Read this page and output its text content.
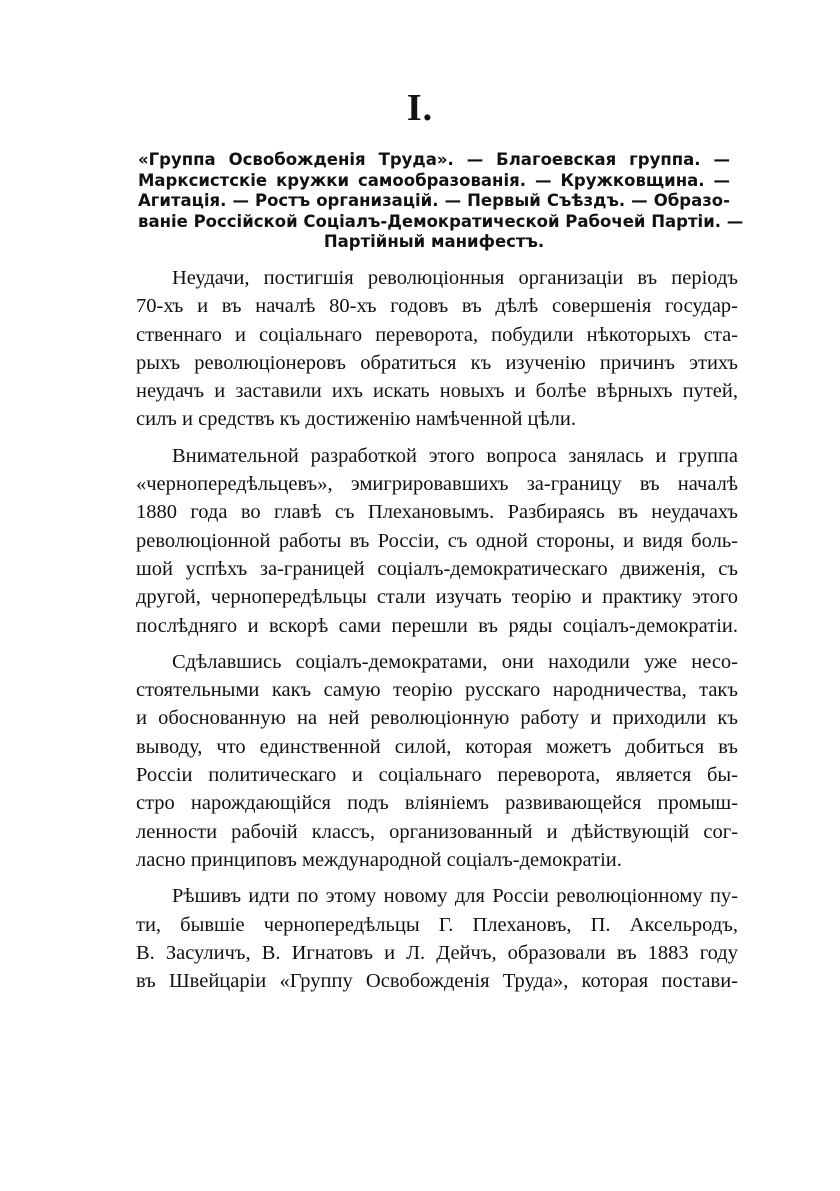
I.
«Группа Освобожденія Труда». — Благоевская группа. —
Марксистскіе кружки самообразованія. — Кружковщина. —
Агитація. — Ростъ организацій. — Первый Съѣздъ. — Образо-
ваніе Россійской Соціалъ-Демократической Рабочей Партіи. —
Партійный манифестъ.
Неудачи, постигшія революціонныя организаціи въ періодъ
70-хъ и въ началѣ 80-хъ годовъ въ дѣлѣ совершенія государ-
ственнаго и соціальнаго переворота, побудили нѣкоторыхъ ста-
рыхъ революціонеровъ обратиться къ изученію причинъ этихъ
неудачъ и заставили ихъ искать новыхъ и болѣе вѣрныхъ путей,
силъ и средствъ къ достиженію намѣченной цѣли.
Внимательной разработкой этого вопроса занялась и группа
«чернопередѣльцевъ», эмигрировавшихъ за-границу въ началѣ
1880 года во главѣ съ Плехановымъ. Разбираясь въ неудачахъ
революціонной работы въ Россіи, съ одной стороны, и видя боль-
шой успѣхъ за-границей соціалъ-демократическаго движенія, съ
другой, чернопередѣльцы стали изучать теорію и практику этого
послѣдняго и вскорѣ сами перешли въ ряды соціалъ-демократіи.
Сдѣлавшись соціалъ-демократами, они находили уже несо-
стоятельными какъ самую теорію русскаго народничества, такъ
и обоснованную на ней революціонную работу и приходили къ
выводу, что единственной силой, которая можетъ добиться въ
Россіи политическаго и соціальнаго переворота, является бы-
стро нарождающійся подъ вліяніемъ развивающейся промыш-
ленности рабочій классъ, организованный и дѣйствующій сог-
ласно принциповъ международной соціалъ-демократіи.
Рѣшивъ идти по этому новому для Россіи революціонному пу-
ти, бывшіе чернопередѣльцы Г. Плехановъ, П. Аксельродъ,
В. Засуличъ, В. Игнатовъ и Л. Дейчъ, образовали въ 1883 году
въ Швейцаріи «Группу Освобожденія Труда», которая постави-
